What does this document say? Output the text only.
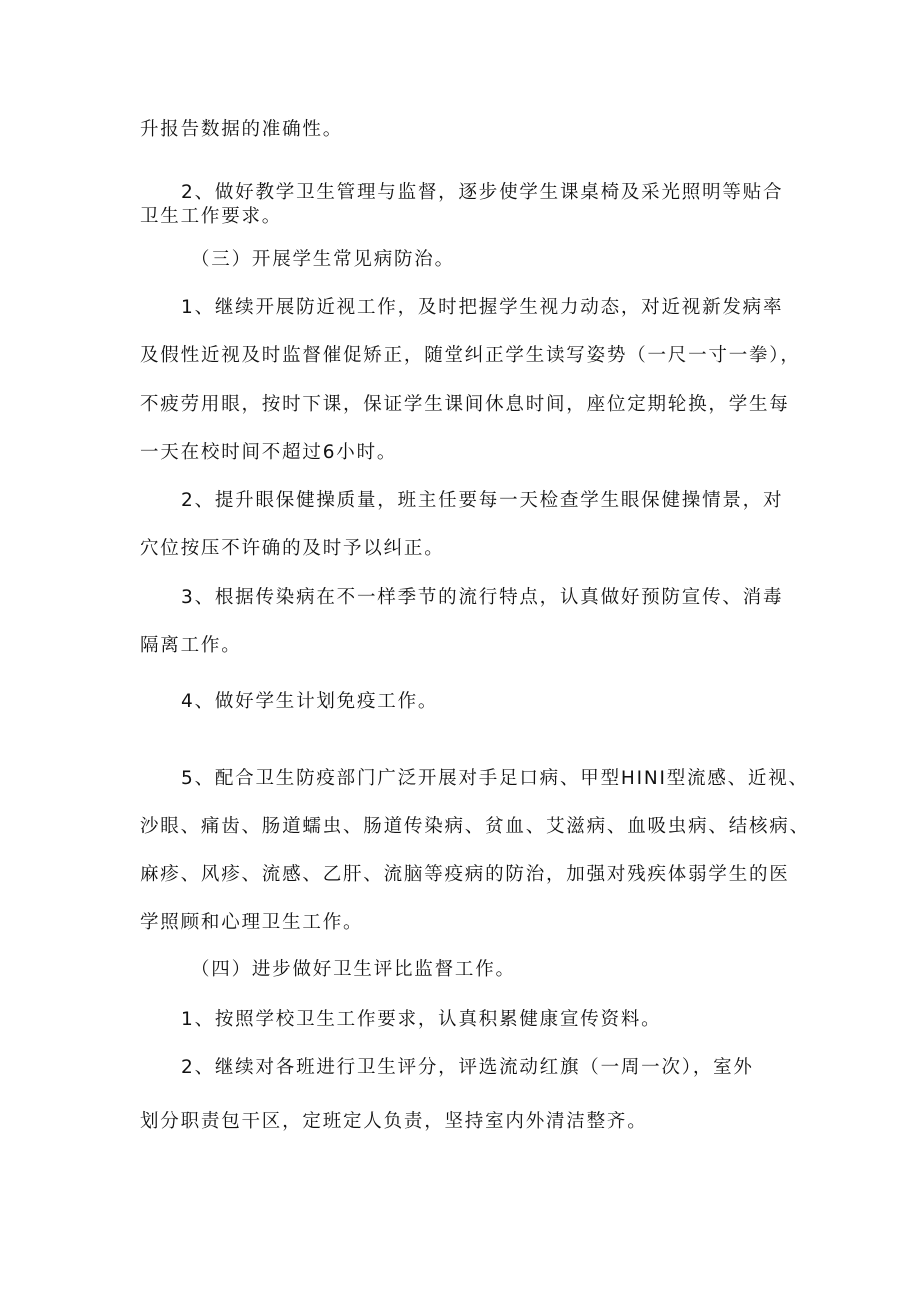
升报告数据的准确性。
2、做好教学卫生管理与监督，逐步使学生课桌椅及采光照明等贴合
卫生工作要求。
（三）开展学生常见病防治。
1、继续开展防近视工作，及时把握学生视力动态，对近视新发病率
及假性近视及时监督催促矫正，随堂纠正学生读写姿势（一尺一寸一拳），
不疲劳用眼，按时下课，保证学生课间休息时间，座位定期轮换，学生每
一天在校时间不超过6小时。
2、提升眼保健操质量，班主任要每一天检查学生眼保健操情景，对
穴位按压不许确的及时予以纠正。
3、根据传染病在不一样季节的流行特点，认真做好预防宣传、消毒
隔离工作。
4、做好学生计划免疫工作。
5、配合卫生防疫部门广泛开展对手足口病、甲型HINI型流感、近视、
沙眼、痛齿、肠道蠕虫、肠道传染病、贫血、艾滋病、血吸虫病、结核病、
麻疹、风疹、流感、乙肝、流脑等疫病的防治，加强对残疾体弱学生的医
学照顾和心理卫生工作。
（四）进步做好卫生评比监督工作。
1、按照学校卫生工作要求，认真积累健康宣传资料。
2、继续对各班进行卫生评分，评选流动红旗（一周一次），室外
划分职责包干区，定班定人负责，坚持室内外清洁整齐。
